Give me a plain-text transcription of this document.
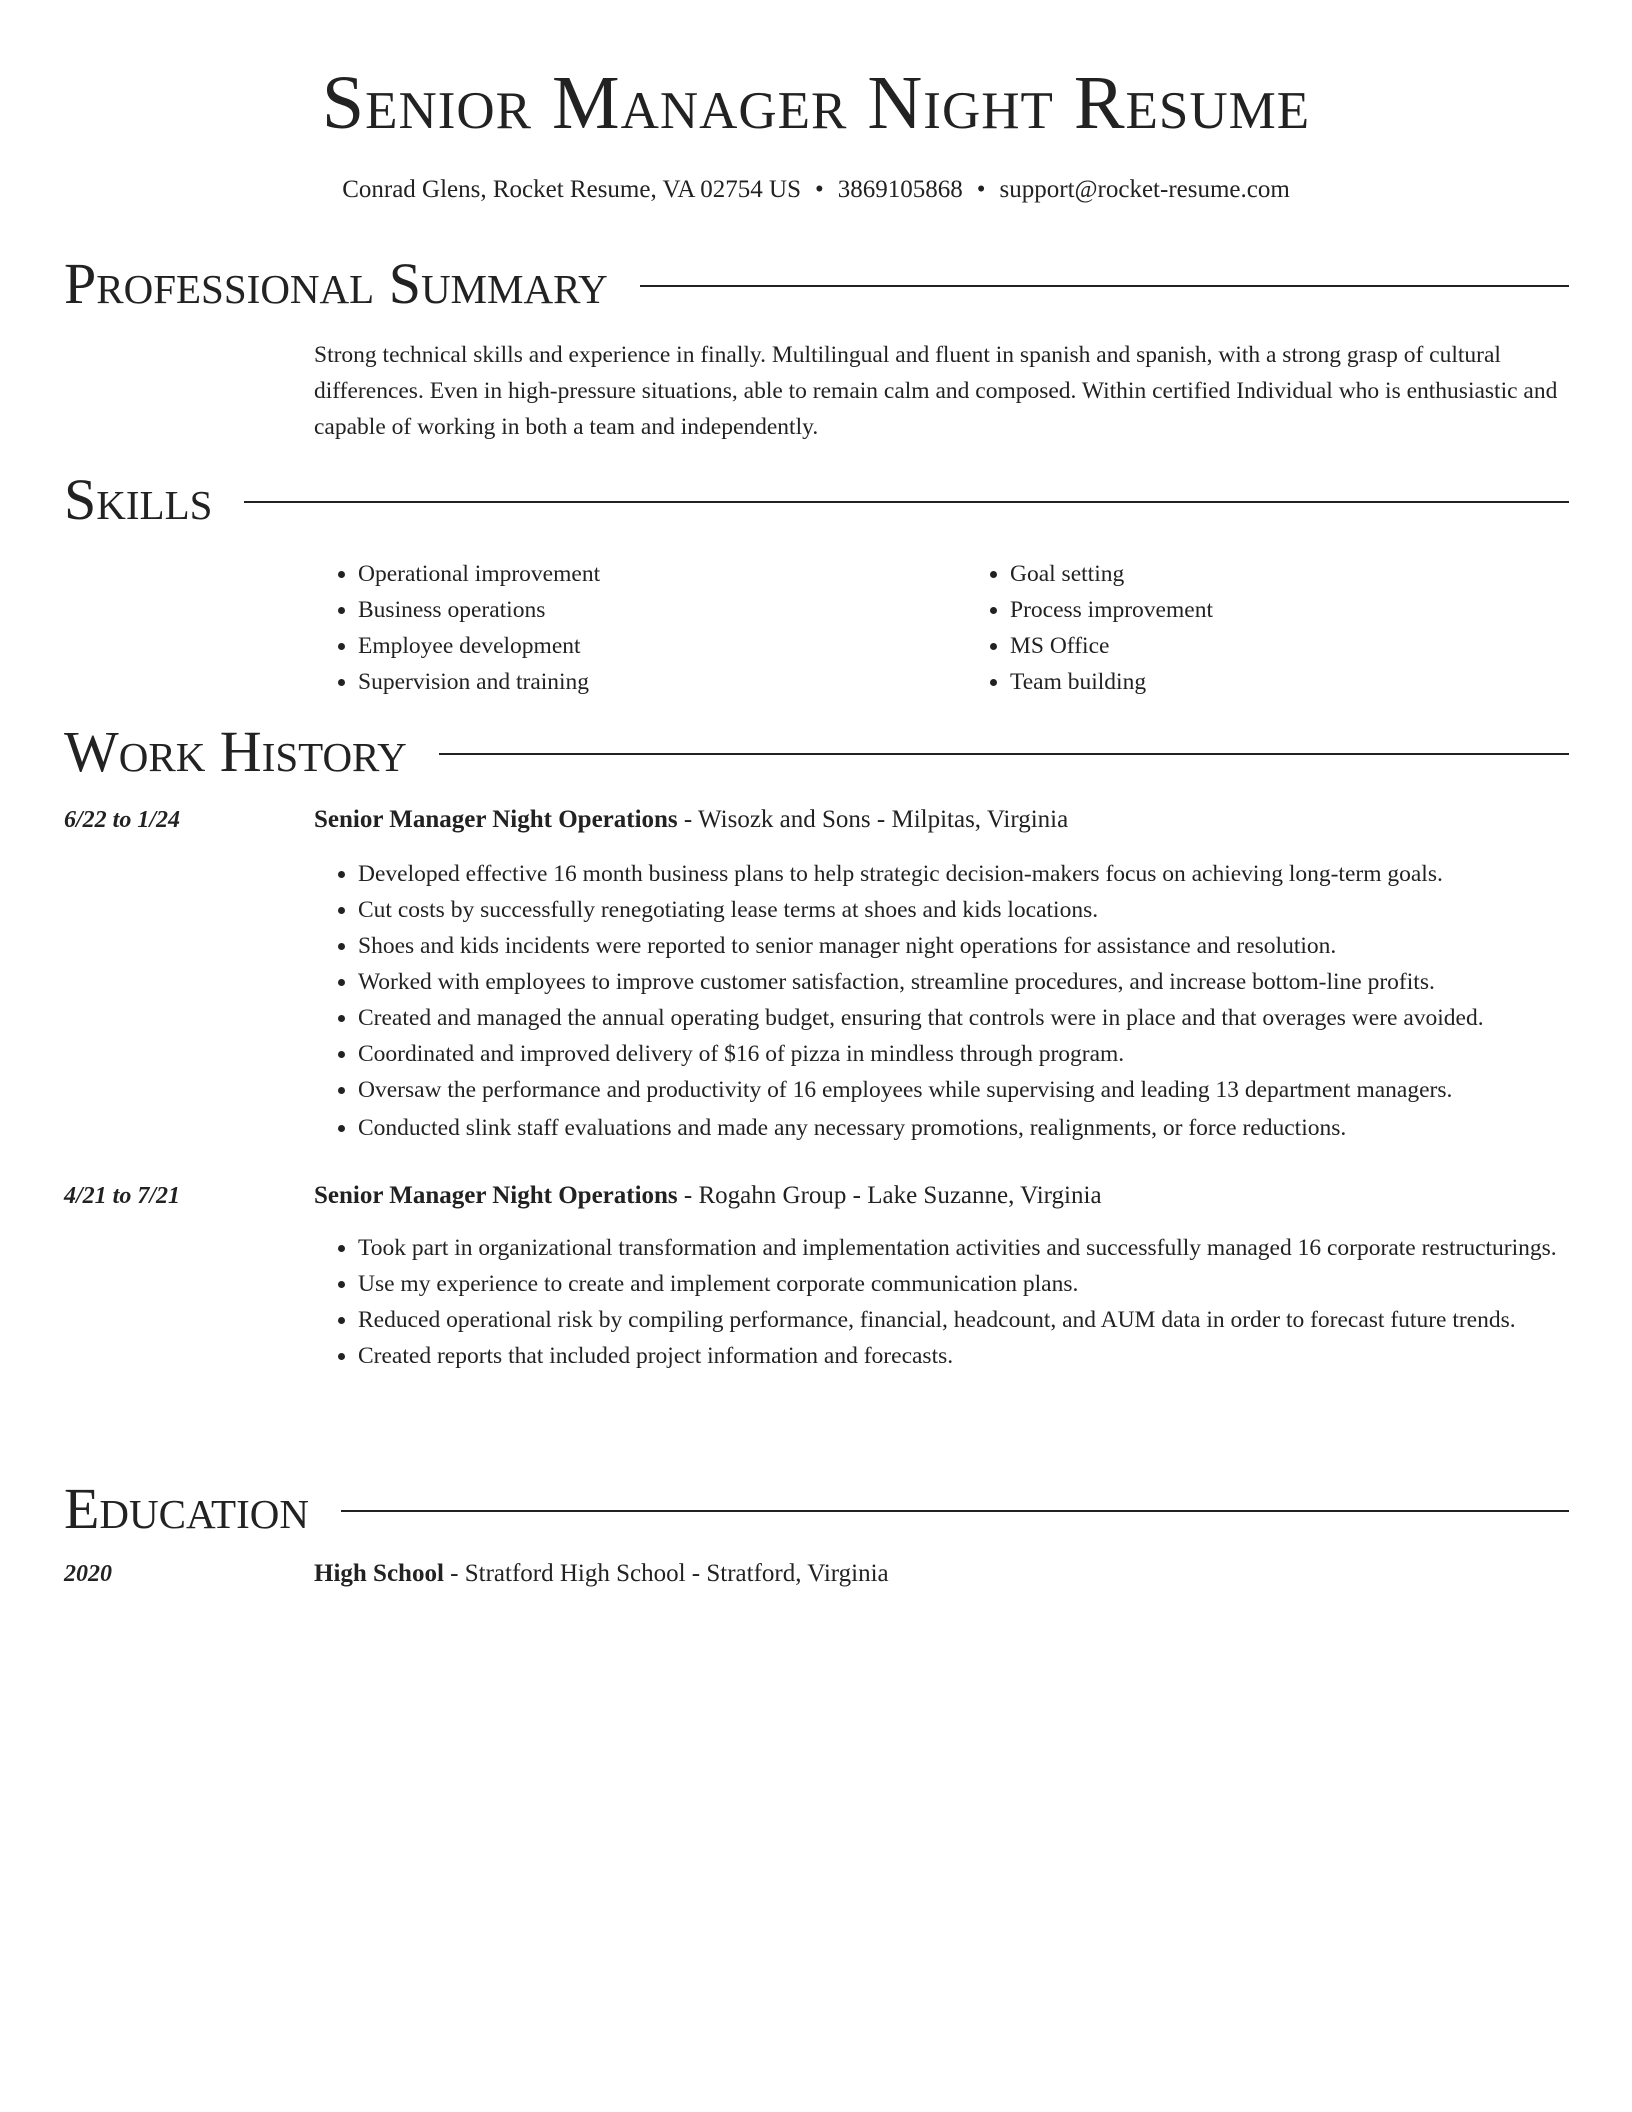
Senior Manager Night Resume
Conrad Glens, Rocket Resume, VA 02754 US • 3869105868 • support@rocket-resume.com
Professional Summary

Strong technical skills and experience in finally. Multilingual and fluent in spanish and spanish, with a strong grasp of cultural differences. Even in high-pressure situations, able to remain calm and composed. Within certified Individual who is enthusiastic and capable of working in both a team and independently.

Skills
• Operational improvement
• Business operations
• Employee development
• Supervision and training
• Goal setting
• Process improvement
• MS Office
• Team building
Work History
6/22 to 1/24	Senior Manager Night Operations - Wisozk and Sons - Milpitas, Virginia
• Developed effective 16 month business plans to help strategic decision-makers focus on achieving long-term goals.
• Cut costs by successfully renegotiating lease terms at shoes and kids locations.
• Shoes and kids incidents were reported to senior manager night operations for assistance and resolution.
• Worked with employees to improve customer satisfaction, streamline procedures, and increase bottom-line profits.
• Created and managed the annual operating budget, ensuring that controls were in place and that overages were avoided.
• Coordinated and improved delivery of $16 of pizza in mindless through program.
• Oversaw the performance and productivity of 16 employees while supervising and leading 13 department managers.
• Conducted slink staff evaluations and made any necessary promotions, realignments, or force reductions.
4/21 to 7/21	Senior Manager Night Operations - Rogahn Group - Lake Suzanne, Virginia
• Took part in organizational transformation and implementation activities and successfully managed 16 corporate restructurings.
• Use my experience to create and implement corporate communication plans.
• Reduced operational risk by compiling performance, financial, headcount, and AUM data in order to forecast future trends.
• Created reports that included project information and forecasts.
Education
2020	High School - Stratford High School - Stratford, Virginia
